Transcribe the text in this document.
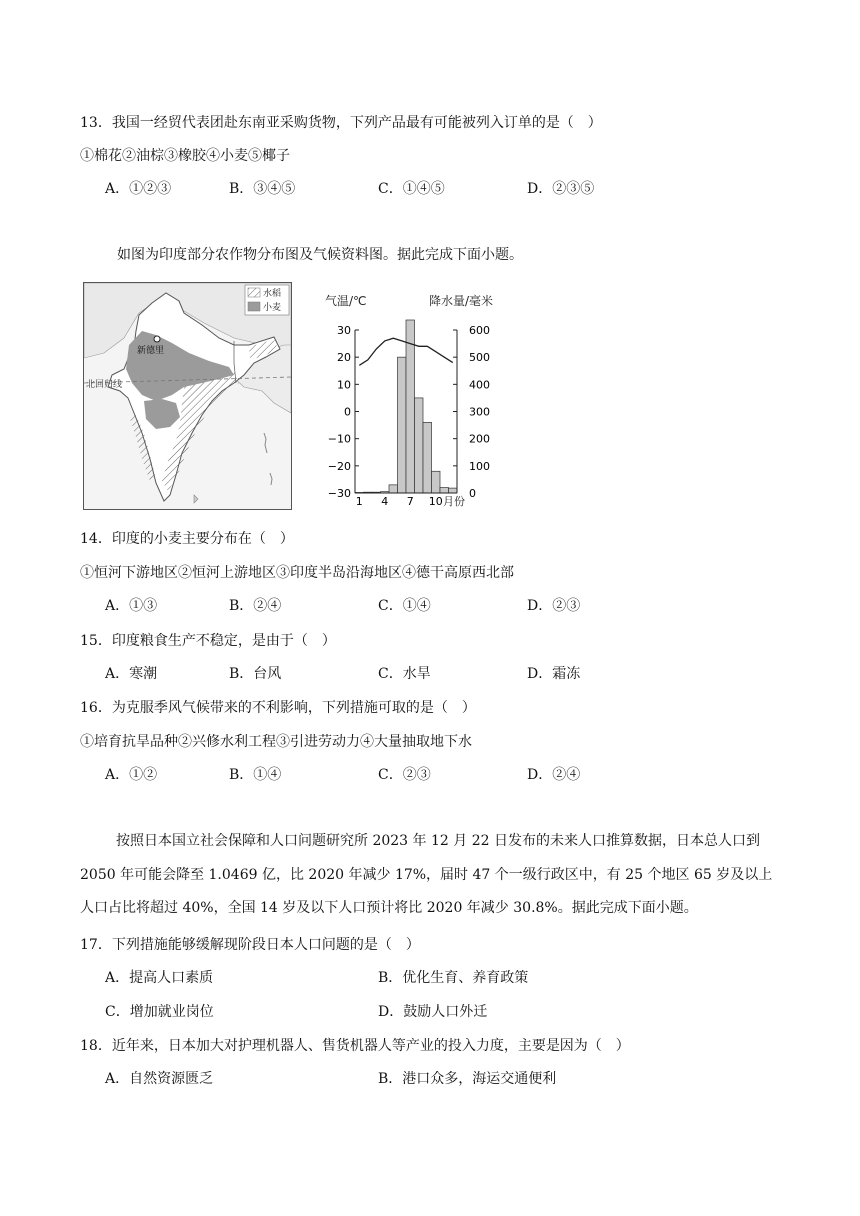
13．我国一经贸代表团赴东南亚采购货物，下列产品最有可能被列入订单的是（　）
①棉花②油棕③橡胶④小麦⑤椰子
A．①②③	B．③④⑤	C．①④⑤	D．②③⑤
如图为印度部分农作物分布图及气候资料图。据此完成下面小题。
水稻
小麦
新德里
北回归线
气温/℃	降水量/毫米
30
20
10
0
−10
−20
−30
600
500
400
300
200
100
0
1 4 7 10 月份
14．印度的小麦主要分布在（　）
①恒河下游地区②恒河上游地区③印度半岛沿海地区④德干高原西北部
A．①③	B．②④	C．①④	D．②③
15．印度粮食生产不稳定，是由于（　）
A．寒潮	B．台风	C．水旱	D．霜冻
16．为克服季风气候带来的不利影响，下列措施可取的是（　）
①培育抗旱品种②兴修水利工程③引进劳动力④大量抽取地下水
A．①②	B．①④	C．②③	D．②④
按照日本国立社会保障和人口问题研究所 2023 年 12 月 22 日发布的未来人口推算数据，日本总人口到 2050 年可能会降至 1.0469 亿，比 2020 年减少 17%，届时 47 个一级行政区中，有 25 个地区 65 岁及以上人口占比将超过 40%，全国 14 岁及以下人口预计将比 2020 年减少 30.8%。据此完成下面小题。
17．下列措施能够缓解现阶段日本人口问题的是（　）
A．提高人口素质	B．优化生育、养育政策
C．增加就业岗位	D．鼓励人口外迁
18．近年来，日本加大对护理机器人、售货机器人等产业的投入力度，主要是因为（　）
A．自然资源匮乏	B．港口众多，海运交通便利
